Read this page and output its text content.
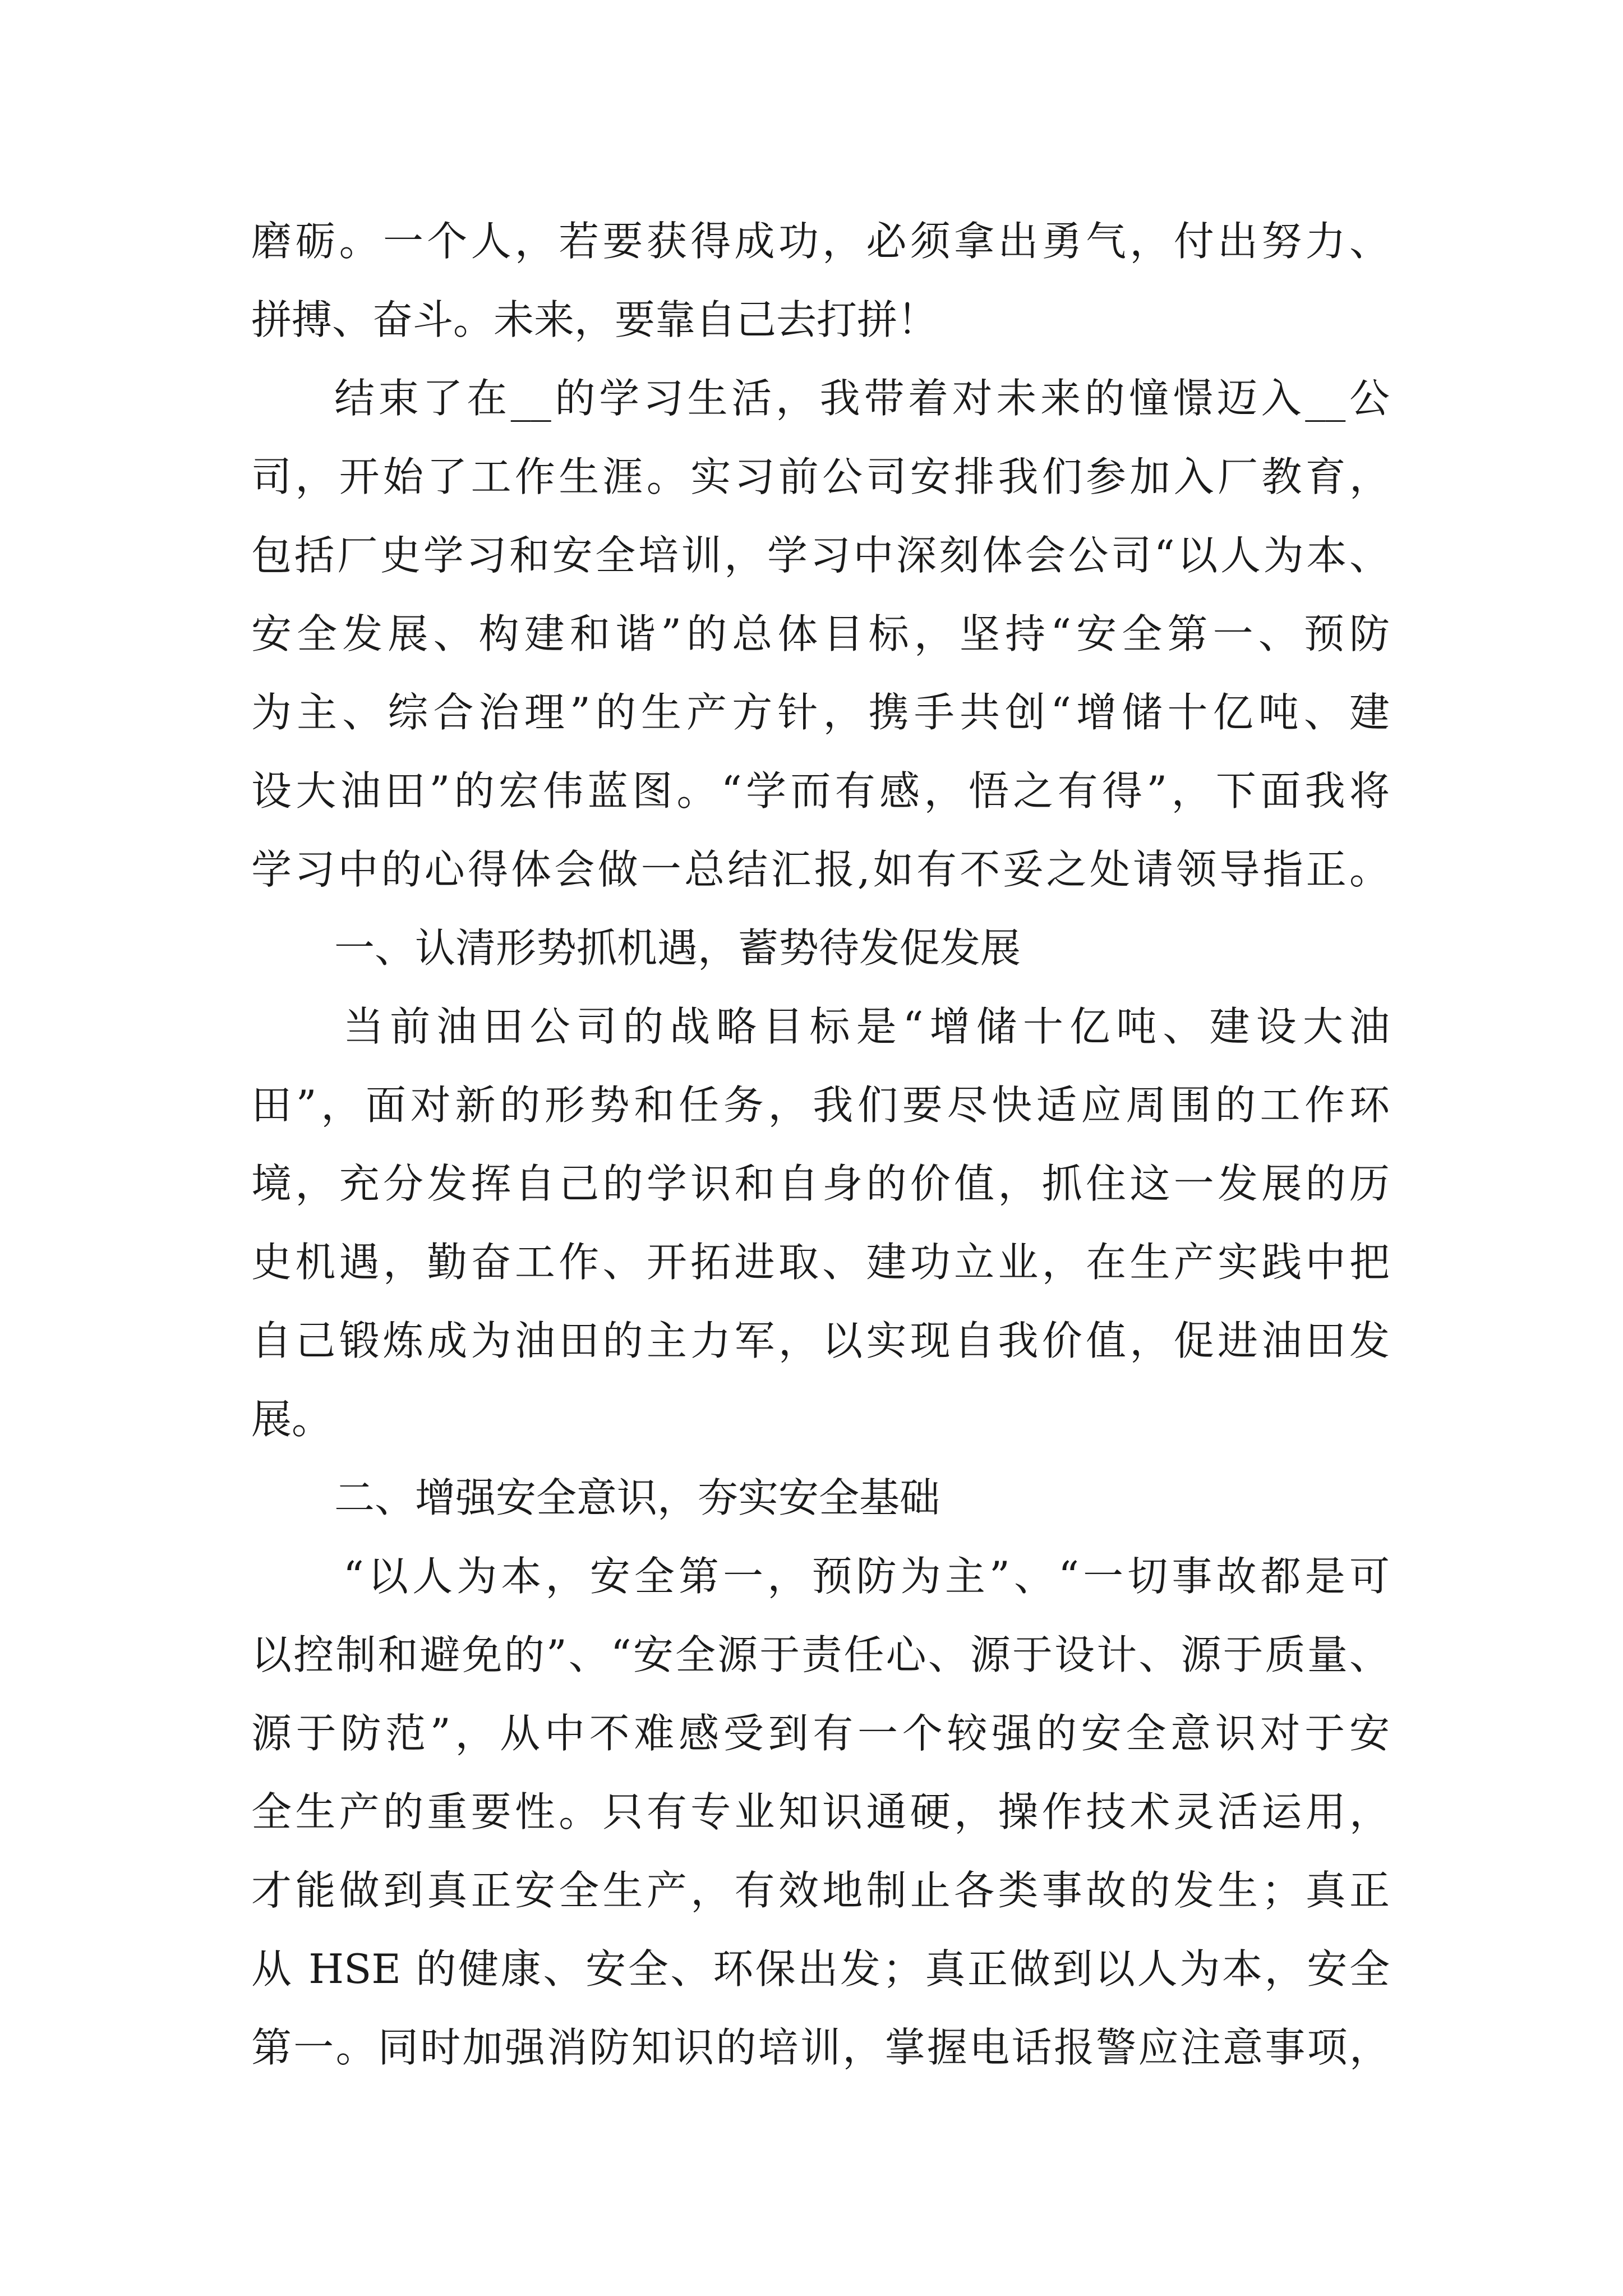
磨砺。一个人，若要获得成功，必须拿出勇气，付出努力、
拼搏、奋斗。未来，要靠自己去打拼！
结束了在__的学习生活，我带着对未来的憧憬迈入__公
司，开始了工作生涯。实习前公司安排我们参加入厂教育，
包括厂史学习和安全培训，学习中深刻体会公司“以人为本、
安全发展、构建和谐”的总体目标，坚持“安全第一、预防
为主、综合治理”的生产方针，携手共创“增储十亿吨、建
设大油田”的宏伟蓝图。“学而有感，悟之有得”，下面我将
学习中的心得体会做一总结汇报,如有不妥之处请领导指正。
一、认清形势抓机遇，蓄势待发促发展
当前油田公司的战略目标是“增储十亿吨、建设大油
田”，面对新的形势和任务，我们要尽快适应周围的工作环
境，充分发挥自己的学识和自身的价值，抓住这一发展的历
史机遇，勤奋工作、开拓进取、建功立业，在生产实践中把
自己锻炼成为油田的主力军，以实现自我价值，促进油田发
展。
二、增强安全意识，夯实安全基础
“以人为本，安全第一，预防为主”、“一切事故都是可
以控制和避免的”、“安全源于责任心、源于设计、源于质量、
源于防范”，从中不难感受到有一个较强的安全意识对于安
全生产的重要性。只有专业知识通硬，操作技术灵活运用，
才能做到真正安全生产，有效地制止各类事故的发生；真正
从 HSE 的健康、安全、环保出发；真正做到以人为本，安全
第一。同时加强消防知识的培训，掌握电话报警应注意事项，
